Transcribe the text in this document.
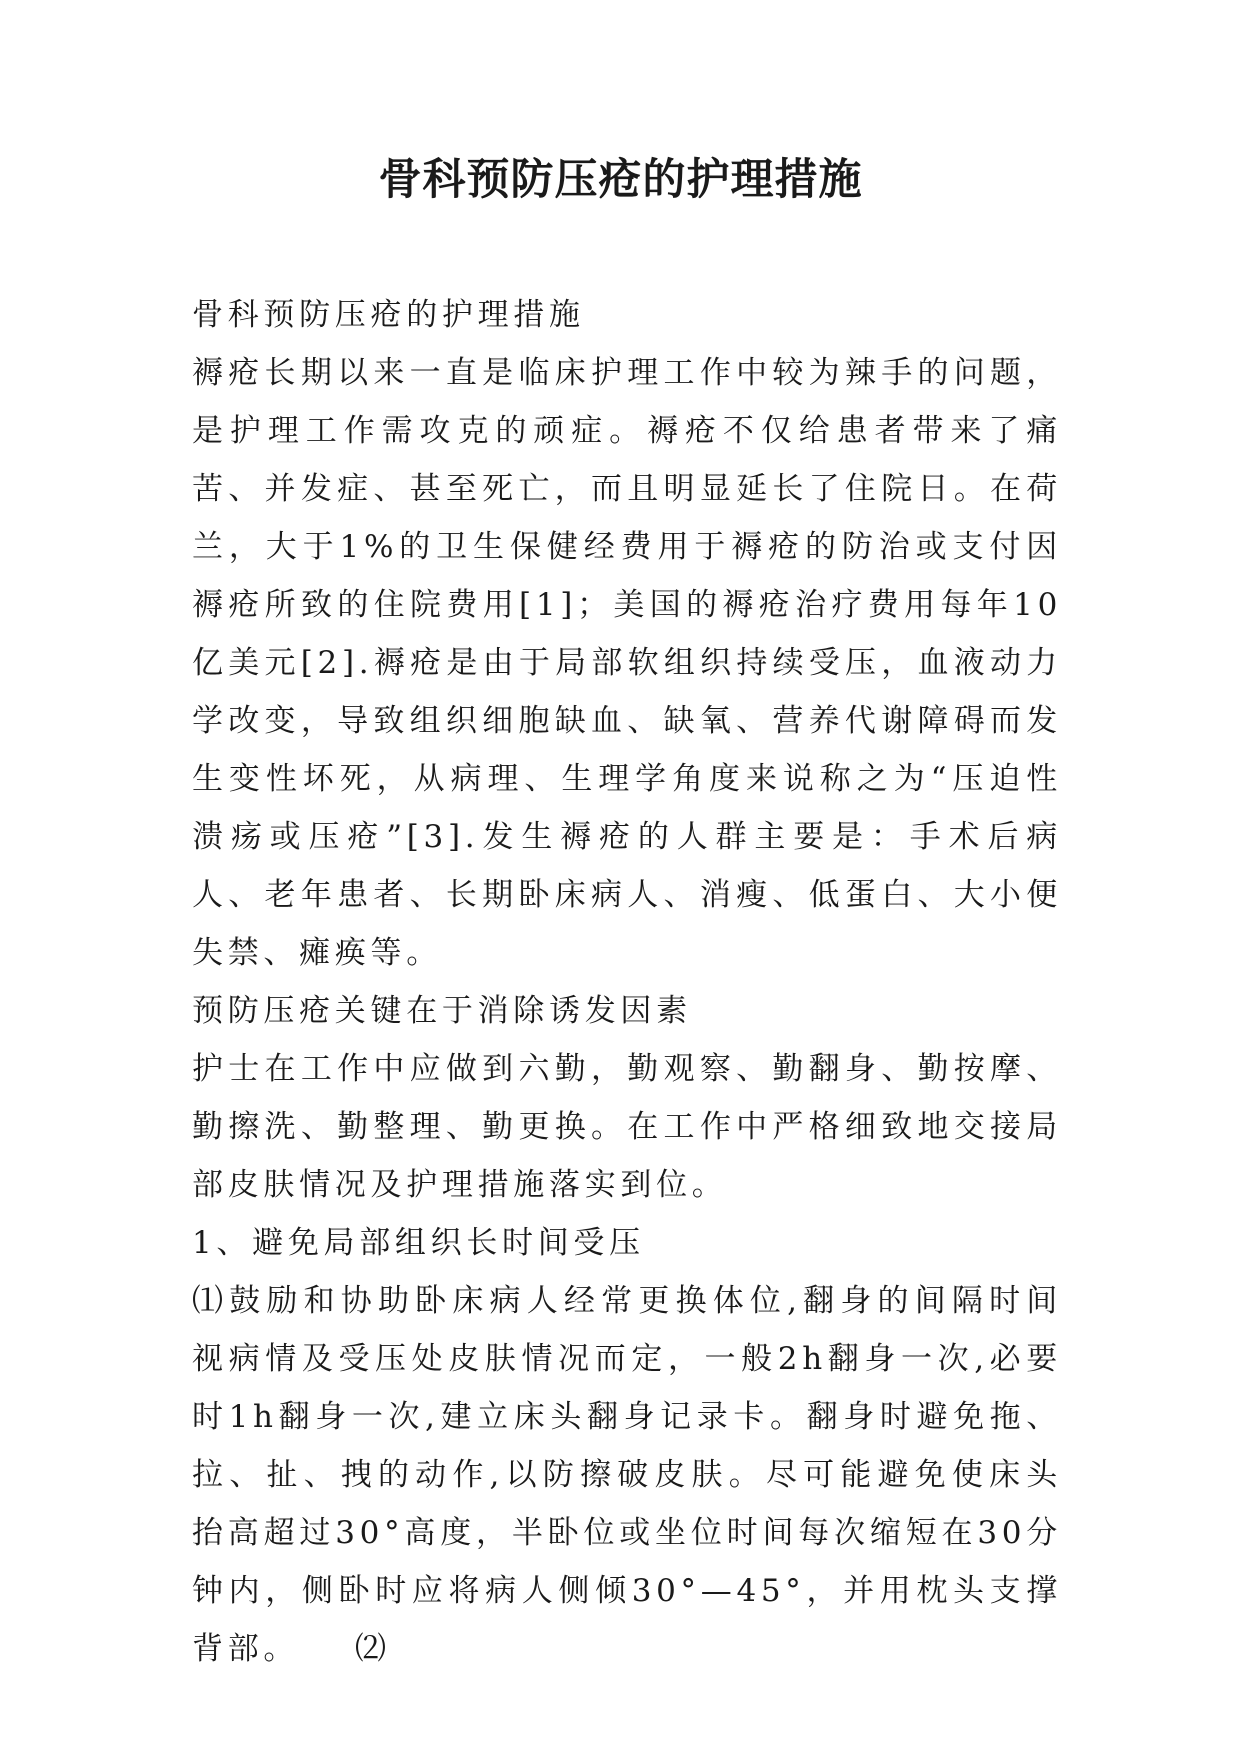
骨科预防压疮的护理措施

骨科预防压疮的护理措施

褥疮长期以来一直是临床护理工作中较为辣手的问题，是护理工作需攻克的顽症。褥疮不仅给患者带来了痛苦、并发症、甚至死亡，而且明显延长了住院日。在荷兰，大于1%的卫生保健经费用于褥疮的防治或支付因褥疮所致的住院费用[1]；美国的褥疮治疗费用每年10亿美元[2].褥疮是由于局部软组织持续受压，血液动力学改变，导致组织细胞缺血、缺氧、营养代谢障碍而发生变性坏死，从病理、生理学角度来说称之为“压迫性溃疡或压疮”[3].发生褥疮的人群主要是：手术后病人、老年患者、长期卧床病人、消瘦、低蛋白、大小便失禁、瘫痪等。

预防压疮关键在于消除诱发因素

护士在工作中应做到六勤，勤观察、勤翻身、勤按摩、勤擦洗、勤整理、勤更换。在工作中严格细致地交接局部皮肤情况及护理措施落实到位。

1、避免局部组织长时间受压

⑴鼓励和协助卧床病人经常更换体位,翻身的间隔时间视病情及受压处皮肤情况而定，一般2h翻身一次,必要时1h翻身一次,建立床头翻身记录卡。翻身时避免拖、拉、扯、拽的动作,以防擦破皮肤。尽可能避免使床头抬高超过30°高度，半卧位或坐位时间每次缩短在30分钟内，侧卧时应将病人侧倾30°—45°，并用枕头支撑背部。　　⑵
